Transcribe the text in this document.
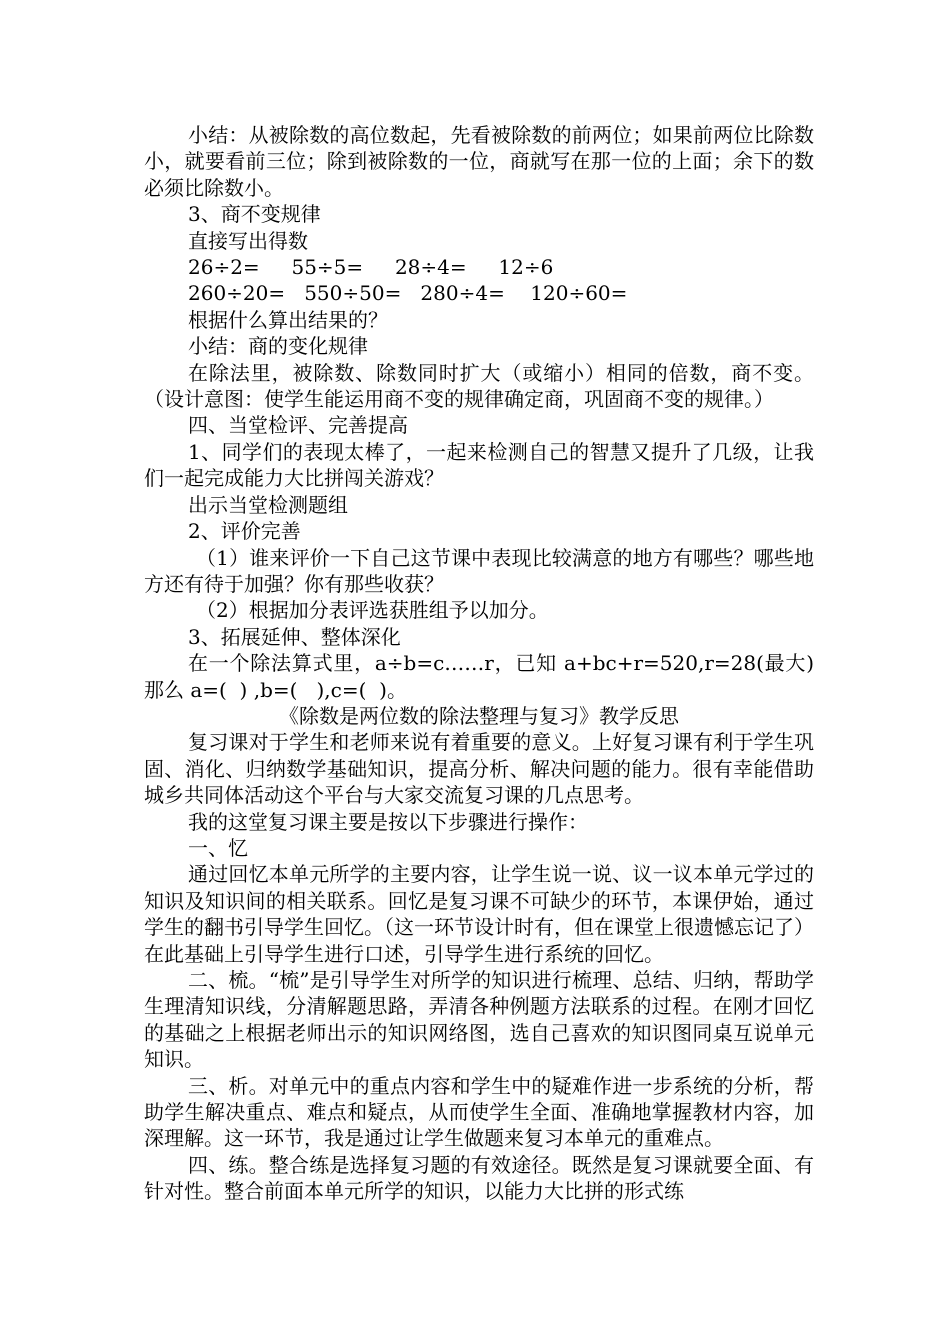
小结：从被除数的高位数起，先看被除数的前两位；如果前两位比除数小，就要看前三位；除到被除数的一位，商就写在那一位的上面；余下的数必须比除数小。

3、商不变规律

直接写出得数

26÷2=     55÷5=     28÷4=     12÷6

260÷20=   550÷50=   280÷4=    120÷60=

根据什么算出结果的？

小结：商的变化规律

在除法里，被除数、除数同时扩大（或缩小）相同的倍数，商不变。（设计意图：使学生能运用商不变的规律确定商，巩固商不变的规律。）

四、当堂检评、完善提高

1、同学们的表现太棒了，一起来检测自己的智慧又提升了几级，让我们一起完成能力大比拼闯关游戏？

出示当堂检测题组

2、评价完善

（1）谁来评价一下自己这节课中表现比较满意的地方有哪些？哪些地方还有待于加强？你有那些收获？

（2）根据加分表评选获胜组予以加分。

3、拓展延伸、整体深化

在一个除法算式里，a÷b=c……r，已知 a+bc+r=520,r=28(最大)那么 a=(  ) ,b=(   ),c=(  )。

《除数是两位数的除法整理与复习》教学反思

复习课对于学生和老师来说有着重要的意义。上好复习课有利于学生巩固、消化、归纳数学基础知识，提高分析、解决问题的能力。很有幸能借助城乡共同体活动这个平台与大家交流复习课的几点思考。

我的这堂复习课主要是按以下步骤进行操作：

一、忆

通过回忆本单元所学的主要内容，让学生说一说、议一议本单元学过的知识及知识间的相关联系。回忆是复习课不可缺少的环节，本课伊始，通过学生的翻书引导学生回忆。（这一环节设计时有，但在课堂上很遗憾忘记了）在此基础上引导学生进行口述，引导学生进行系统的回忆。

二、梳。“梳”是引导学生对所学的知识进行梳理、总结、归纳，帮助学生理清知识线，分清解题思路，弄清各种例题方法联系的过程。在刚才回忆的基础之上根据老师出示的知识网络图，选自己喜欢的知识图同桌互说单元知识。

三、析。对单元中的重点内容和学生中的疑难作进一步系统的分析，帮助学生解决重点、难点和疑点，从而使学生全面、准确地掌握教材内容，加深理解。这一环节，我是通过让学生做题来复习本单元的重难点。

四、练。整合练是选择复习题的有效途径。既然是复习课就要全面、有针对性。整合前面本单元所学的知识，以能力大比拼的形式练
